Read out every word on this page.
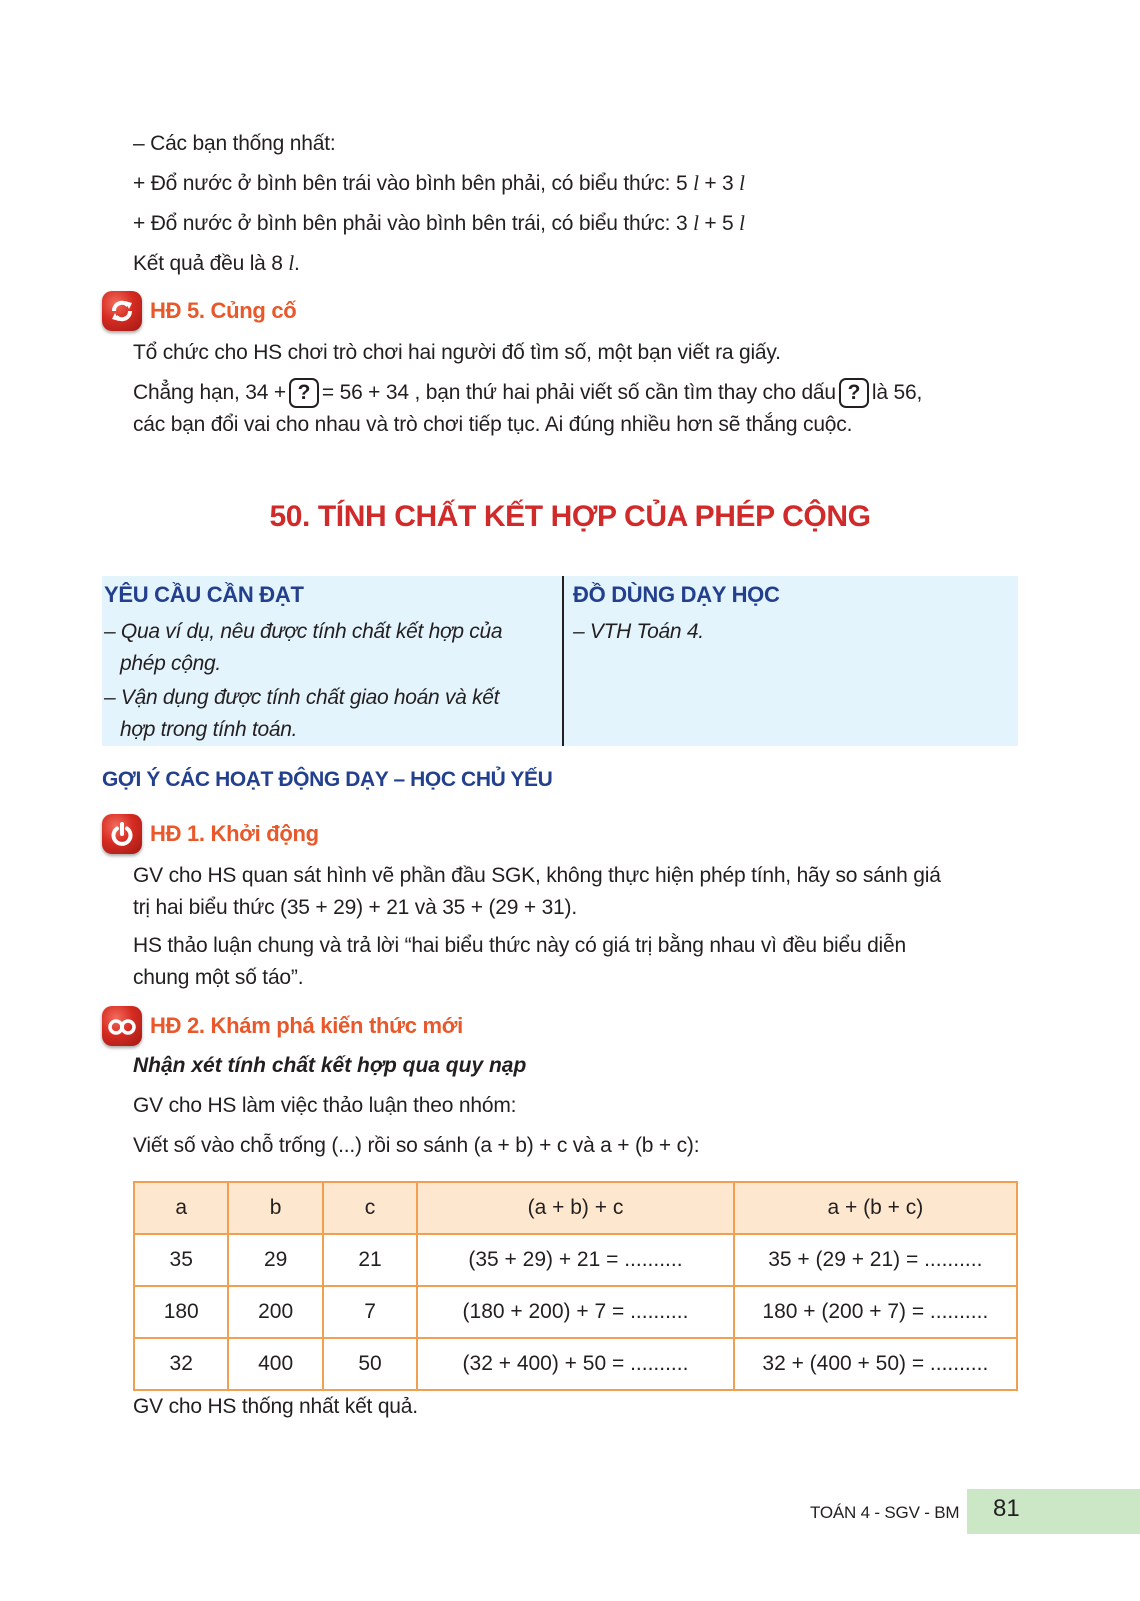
– Các bạn thống nhất:
+ Đổ nước ở bình bên trái vào bình bên phải, có biểu thức: 5 l + 3 l
+ Đổ nước ở bình bên phải vào bình bên trái, có biểu thức: 3 l + 5 l
Kết quả đều là 8 l.
HĐ 5. Củng cố
Tổ chức cho HS chơi trò chơi hai người đố tìm số, một bạn viết ra giấy.
Chẳng hạn, 34 + ? = 56 + 34 , bạn thứ hai phải viết số cần tìm thay cho dấu ? là 56,
các bạn đổi vai cho nhau và trò chơi tiếp tục. Ai đúng nhiều hơn sẽ thắng cuộc.
50. TÍNH CHẤT KẾT HỢP CỦA PHÉP CỘNG
YÊU CẦU CẦN ĐẠT
– Qua ví dụ, nêu được tính chất kết hợp của
phép cộng.
– Vận dụng được tính chất giao hoán và kết
hợp trong tính toán.
ĐỒ DÙNG DẠY HỌC
– VTH Toán 4.
GỢI Ý CÁC HOẠT ĐỘNG DẠY – HỌC CHỦ YẾU
HĐ 1. Khởi động
GV cho HS quan sát hình vẽ phần đầu SGK, không thực hiện phép tính, hãy so sánh giá
trị hai biểu thức (35 + 29) + 21 và 35 + (29 + 31).
HS thảo luận chung và trả lời “hai biểu thức này có giá trị bằng nhau vì đều biểu diễn
chung một số táo”.
HĐ 2. Khám phá kiến thức mới
Nhận xét tính chất kết hợp qua quy nạp
GV cho HS làm việc thảo luận theo nhóm:
Viết số vào chỗ trống (...) rồi so sánh (a + b) + c và a + (b + c):
a	b	c	(a + b) + c	a + (b + c)
35	29	21	(35 + 29) + 21 = ..........	35 + (29 + 21) = ..........
180	200	7	(180 + 200) + 7 = ..........	180 + (200 + 7) = ..........
32	400	50	(32 + 400) + 50 = ..........	32 + (400 + 50) = ..........
GV cho HS thống nhất kết quả.
TOÁN 4 - SGV - BM 81
